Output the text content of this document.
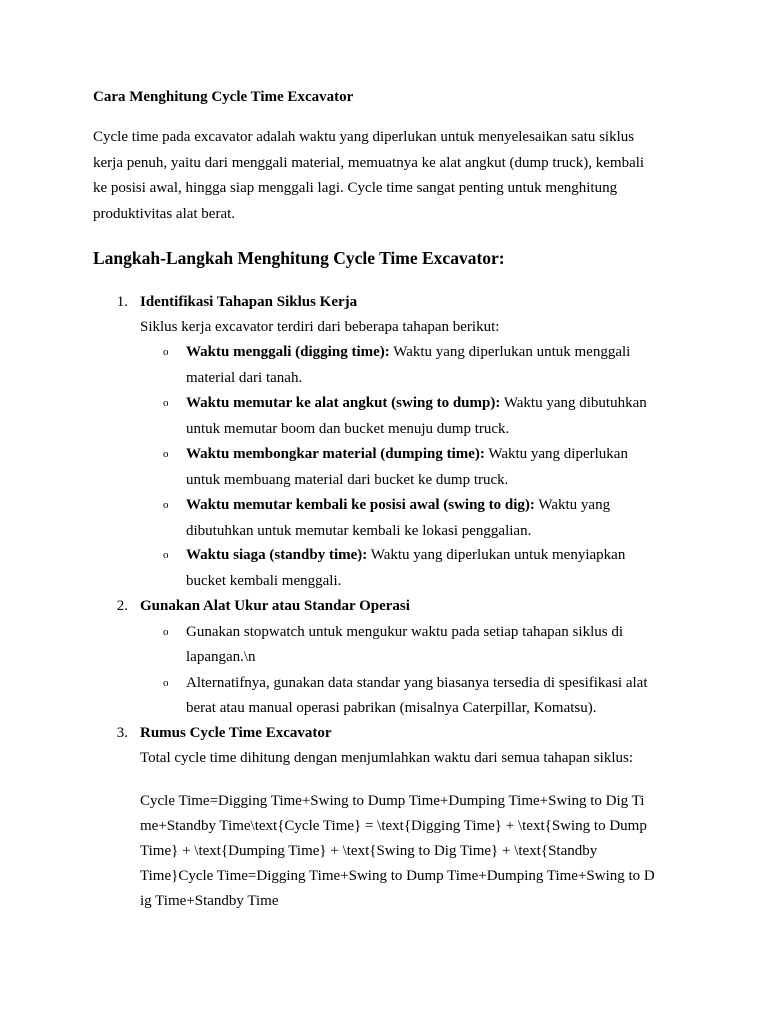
Cara Menghitung Cycle Time Excavator

Cycle time pada excavator adalah waktu yang diperlukan untuk menyelesaikan satu siklus
kerja penuh, yaitu dari menggali material, memuatnya ke alat angkut (dump truck), kembali
ke posisi awal, hingga siap menggali lagi. Cycle time sangat penting untuk menghitung
produktivitas alat berat.

Langkah-Langkah Menghitung Cycle Time Excavator:
1. Identifikasi Tahapan Siklus Kerja
Siklus kerja excavator terdiri dari beberapa tahapan berikut:
o Waktu menggali (digging time): Waktu yang diperlukan untuk menggali
material dari tanah.
o Waktu memutar ke alat angkut (swing to dump): Waktu yang dibutuhkan
untuk memutar boom dan bucket menuju dump truck.
o Waktu membongkar material (dumping time): Waktu yang diperlukan
untuk membuang material dari bucket ke dump truck.
o Waktu memutar kembali ke posisi awal (swing to dig): Waktu yang
dibutuhkan untuk memutar kembali ke lokasi penggalian.
o Waktu siaga (standby time): Waktu yang diperlukan untuk menyiapkan
bucket kembali menggali.
2. Gunakan Alat Ukur atau Standar Operasi
o Gunakan stopwatch untuk mengukur waktu pada setiap tahapan siklus di
lapangan.\n
o Alternatifnya, gunakan data standar yang biasanya tersedia di spesifikasi alat
berat atau manual operasi pabrikan (misalnya Caterpillar, Komatsu).
3. Rumus Cycle Time Excavator
Total cycle time dihitung dengan menjumlahkan waktu dari semua tahapan siklus:
Cycle Time=Digging Time+Swing to Dump Time+Dumping Time+Swing to Dig Ti
me+Standby Time\text{Cycle Time} = \text{Digging Time} + \text{Swing to Dump
Time} + \text{Dumping Time} + \text{Swing to Dig Time} + \text{Standby
Time}Cycle Time=Digging Time+Swing to Dump Time+Dumping Time+Swing to D
ig Time+Standby Time
